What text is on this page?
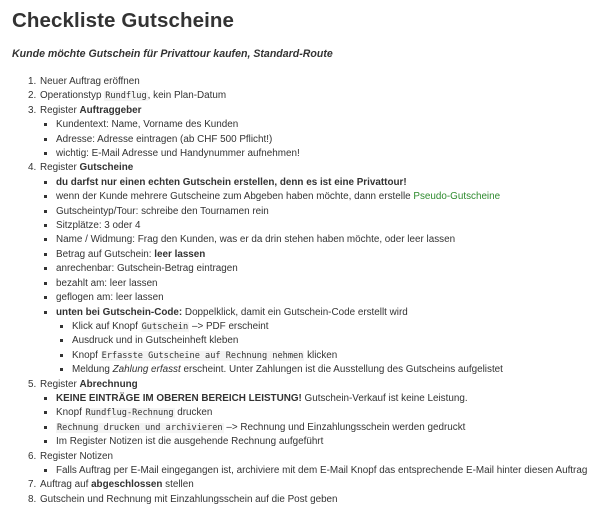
Checkliste Gutscheine

Kunde möchte Gutschein für Privattour kaufen, Standard-Route

1. Neuer Auftrag eröffnen
2. Operationstyp Rundflug, kein Plan-Datum
3. Register Auftraggeber
▪ Kundentext: Name, Vorname des Kunden
▪ Adresse: Adresse eintragen (ab CHF 500 Pflicht!)
▪ wichtig: E-Mail Adresse und Handynummer aufnehmen!
4. Register Gutscheine
▪ du darfst nur einen echten Gutschein erstellen, denn es ist eine Privattour!
▪ wenn der Kunde mehrere Gutscheine zum Abgeben haben möchte, dann erstelle Pseudo-Gutscheine
▪ Gutscheintyp/Tour: schreibe den Tournamen rein
▪ Sitzplätze: 3 oder 4
▪ Name / Widmung: Frag den Kunden, was er da drin stehen haben möchte, oder leer lassen
▪ Betrag auf Gutschein: leer lassen
▪ anrechenbar: Gutschein-Betrag eintragen
▪ bezahlt am: leer lassen
▪ geflogen am: leer lassen
▪ unten bei Gutschein-Code: Doppelklick, damit ein Gutschein-Code erstellt wird
▪ Klick auf Knopf Gutschein –> PDF erscheint
▪ Ausdruck und in Gutscheinheft kleben
▪ Knopf Erfasste Gutscheine auf Rechnung nehmen klicken
▪ Meldung Zahlung erfasst erscheint. Unter Zahlungen ist die Ausstellung des Gutscheins aufgelistet
5. Register Abrechnung
▪ KEINE EINTRÄGE IM OBEREN BEREICH LEISTUNG! Gutschein-Verkauf ist keine Leistung.
▪ Knopf Rundflug-Rechnung drucken
▪ Rechnung drucken und archivieren –> Rechnung und Einzahlungsschein werden gedruckt
▪ Im Register Notizen ist die ausgehende Rechnung aufgeführt
6. Register Notizen
▪ Falls Auftrag per E-Mail eingegangen ist, archiviere mit dem E-Mail Knopf das entsprechende E-Mail hinter diesen Auftrag
7. Auftrag auf abgeschlossen stellen
8. Gutschein und Rechnung mit Einzahlungsschein auf die Post geben
